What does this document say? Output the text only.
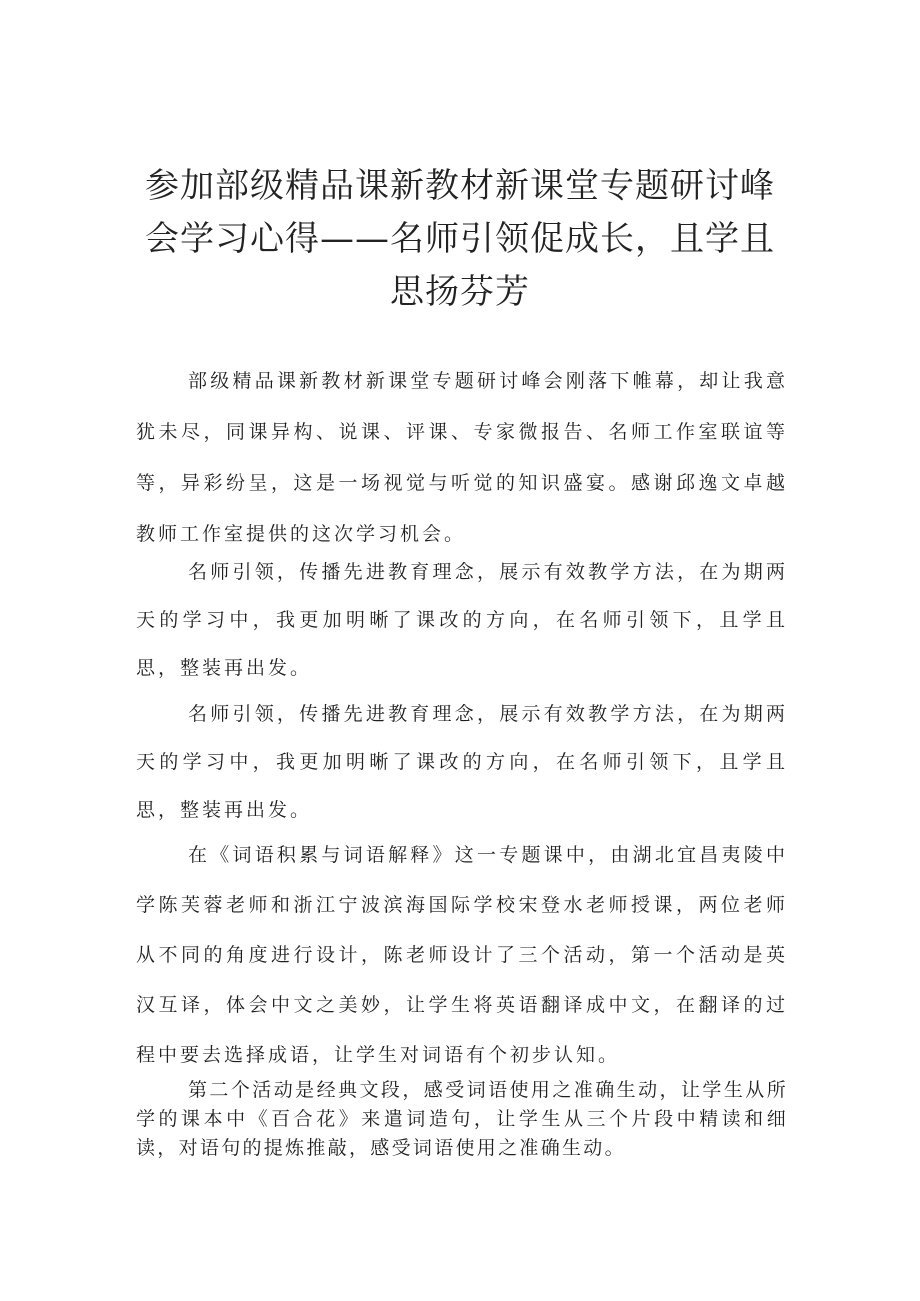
参加部级精品课新教材新课堂专题研讨峰会学习心得——名师引领促成长，且学且思扬芬芳

部级精品课新教材新课堂专题研讨峰会刚落下帷幕，却让我意犹未尽，同课异构、说课、评课、专家微报告、名师工作室联谊等等，异彩纷呈，这是一场视觉与听觉的知识盛宴。感谢邱逸文卓越教师工作室提供的这次学习机会。

名师引领，传播先进教育理念，展示有效教学方法，在为期两天的学习中，我更加明晰了课改的方向，在名师引领下，且学且思，整装再出发。

名师引领，传播先进教育理念，展示有效教学方法，在为期两天的学习中，我更加明晰了课改的方向，在名师引领下，且学且思，整装再出发。

在《词语积累与词语解释》这一专题课中，由湖北宜昌夷陵中学陈芙蓉老师和浙江宁波滨海国际学校宋登水老师授课，两位老师从不同的角度进行设计，陈老师设计了三个活动，第一个活动是英汉互译，体会中文之美妙，让学生将英语翻译成中文，在翻译的过程中要去选择成语，让学生对词语有个初步认知。

第二个活动是经典文段，感受词语使用之准确生动，让学生从所学的课本中《百合花》来遣词造句，让学生从三个片段中精读和细读，对语句的提炼推敲，感受词语使用之准确生动。
